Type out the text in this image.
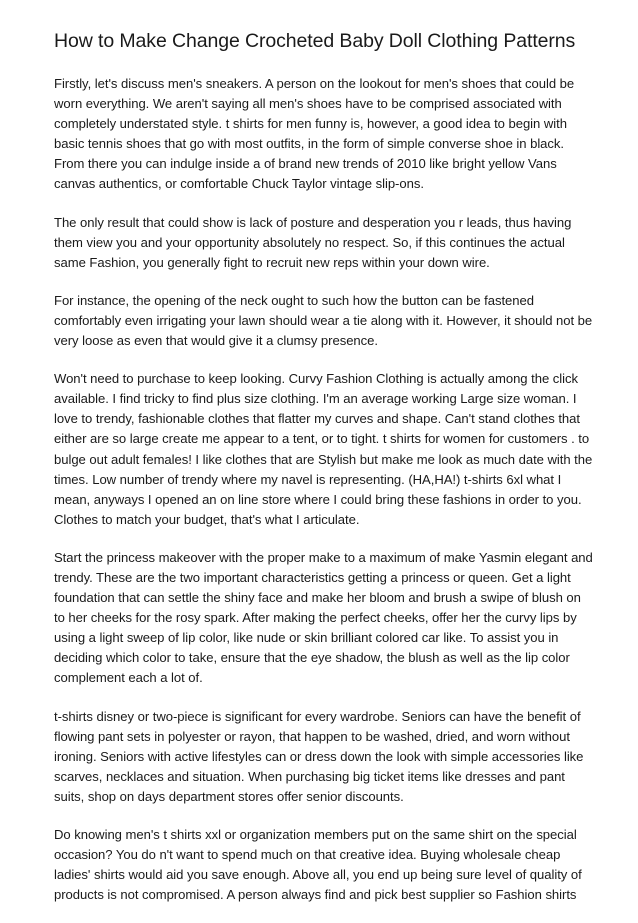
How to Make Change Crocheted Baby Doll Clothing Patterns

Firstly, let's discuss men's sneakers. A person on the lookout for men's shoes that could be worn everything. We aren't saying all men's shoes have to be comprised associated with completely understated style. t shirts for men funny is, however, a good idea to begin with basic tennis shoes that go with most outfits, in the form of simple converse shoe in black. From there you can indulge inside a of brand new trends of 2010 like bright yellow Vans canvas authentics, or comfortable Chuck Taylor vintage slip-ons.

The only result that could show is lack of posture and desperation you r leads, thus having them view you and your opportunity absolutely no respect. So, if this continues the actual same Fashion, you generally fight to recruit new reps within your down wire.

For instance, the opening of the neck ought to such how the button can be fastened comfortably even irrigating your lawn should wear a tie along with it. However, it should not be very loose as even that would give it a clumsy presence.

Won't need to purchase to keep looking. Curvy Fashion Clothing is actually among the click available. I find tricky to find plus size clothing. I'm an average working Large size woman. I love to trendy, fashionable clothes that flatter my curves and shape. Can't stand clothes that either are so large create me appear to a tent, or to tight. t shirts for women for customers . to bulge out adult females! I like clothes that are Stylish but make me look as much date with the times. Low number of trendy where my navel is representing. (HA,HA!) t-shirts 6xl what I mean, anyways I opened an on line store where I could bring these fashions in order to you. Clothes to match your budget, that's what I articulate.

Start the princess makeover with the proper make to a maximum of make Yasmin elegant and trendy. These are the two important characteristics getting a princess or queen. Get a light foundation that can settle the shiny face and make her bloom and brush a swipe of blush on to her cheeks for the rosy spark. After making the perfect cheeks, offer her the curvy lips by using a light sweep of lip color, like nude or skin brilliant colored car like. To assist you in deciding which color to take, ensure that the eye shadow, the blush as well as the lip color complement each a lot of.

t-shirts disney or two-piece is significant for every wardrobe. Seniors can have the benefit of flowing pant sets in polyester or rayon, that happen to be washed, dried, and worn without ironing. Seniors with active lifestyles can or dress down the look with simple accessories like scarves, necklaces and situation. When purchasing big ticket items like dresses and pant suits, shop on days department stores offer senior discounts.

Do knowing men's t shirts xxl or organization members put on the same shirt on the special occasion? You do n't want to spend much on that creative idea. Buying wholesale cheap ladies' shirts would aid you save enough. Above all, you end up being sure level of quality of products is not compromised. A person always find and pick best supplier so Fashion shirts
